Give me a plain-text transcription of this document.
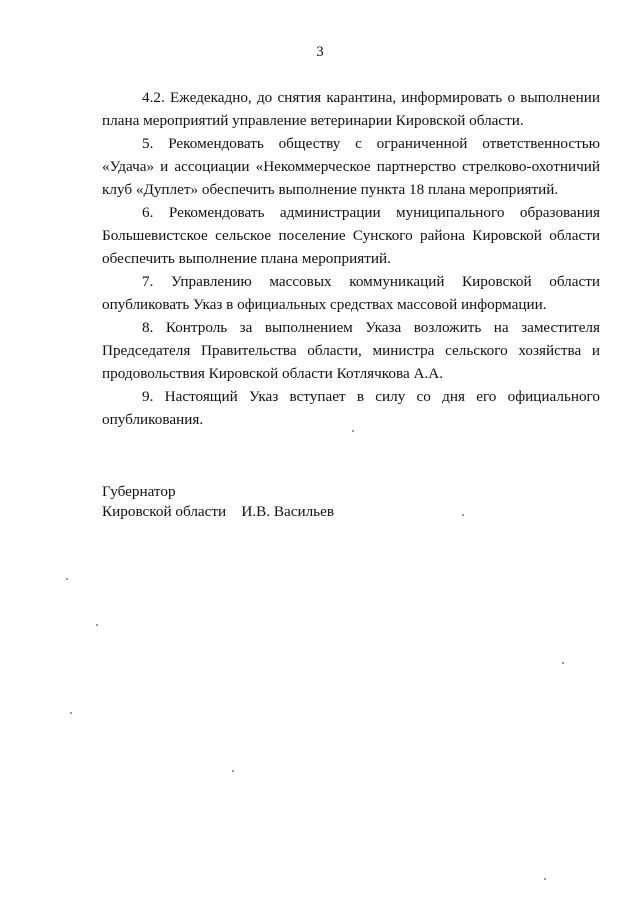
3

4.2. Ежедекадно, до снятия карантина, информировать о выполнении плана мероприятий управление ветеринарии Кировской области.

5. Рекомендовать обществу с ограниченной ответственностью «Удача» и ассоциации «Некоммерческое партнерство стрелково-охотничий клуб «Дуплет» обеспечить выполнение пункта 18 плана мероприятий.

6. Рекомендовать администрации муниципального образования Большевистское сельское поселение Сунского района Кировской области обеспечить выполнение плана мероприятий.

7. Управлению массовых коммуникаций Кировской области опубликовать Указ в официальных средствах массовой информации.

8. Контроль за выполнением Указа возложить на заместителя Председателя Правительства области, министра сельского хозяйства и продовольствия Кировской области Котлячкова А.А.

9. Настоящий Указ вступает в силу со дня его официального опубликования.

Губернатор
Кировской области    И.В. Васильев
